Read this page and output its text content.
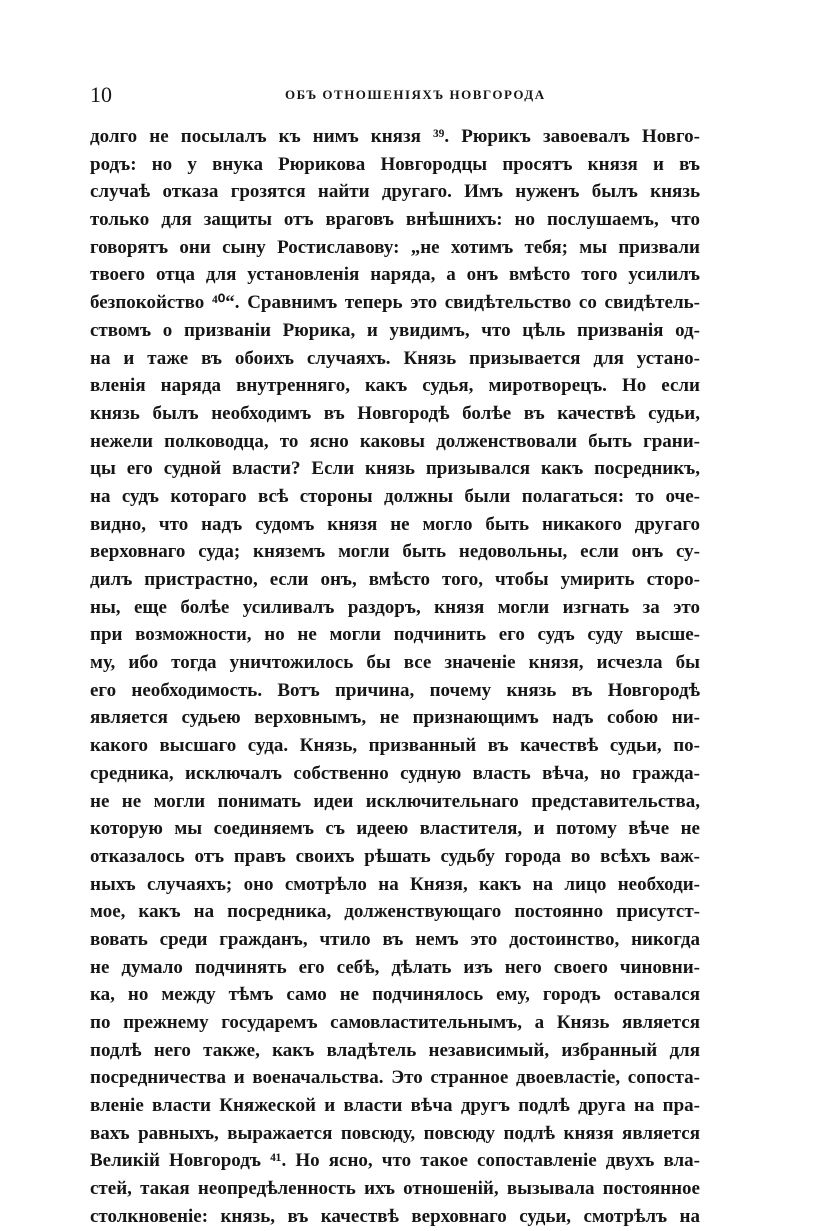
10	ОБЪ ОТНОШЕНІЯХЪ НОВГОРОДА
долго не посылалъ къ нимъ князя ³⁹. Рюрикъ завоевалъ Новго-
родъ: но у внука Рюрикова Новгородцы просятъ князя и въ
случаѣ отказа грозятся найти другаго. Имъ нуженъ былъ князь
только для защиты отъ враговъ внѣшнихъ: но послушаемъ, что
говорятъ они сыну Ростиславову: „не хотимъ тебя; мы призвали
твоего отца для установленія наряда, а онъ вмѣсто того усилилъ
безпокойство ⁴⁰“. Сравнимъ теперь это свидѣтельство со свидѣтель-
ствомъ о призваніи Рюрика, и увидимъ, что цѣль призванія од-
на и таже въ обоихъ случаяхъ. Князь призывается для устано-
вленія наряда внутренняго, какъ судья, миротворецъ. Но если
князь былъ необходимъ въ Новгородѣ болѣе въ качествѣ судьи,
нежели полководца, то ясно каковы долженствовали быть грани-
цы его судной власти? Если князь призывался какъ посредникъ,
на судъ котораго всѣ стороны должны были полагаться: то оче-
видно, что надъ судомъ князя не могло быть никакого другаго
верховнаго суда; княземъ могли быть недовольны, если онъ су-
дилъ пристрастно, если онъ, вмѣсто того, чтобы умирить сторо-
ны, еще болѣе усиливалъ раздоръ, князя могли изгнать за это
при возможности, но не могли подчинить его судъ суду высше-
му, ибо тогда уничтожилось бы все значеніе князя, исчезла бы
его необходимость. Вотъ причина, почему князь въ Новгородѣ
является судьею верховнымъ, не признающимъ надъ собою ни-
какого высшаго суда. Князь, призванный въ качествѣ судьи, по-
средника, исключалъ собственно судную власть вѣча, но гражда-
не не могли понимать идеи исключительнаго представительства,
которую мы соединяемъ съ идеею властителя, и потому вѣче не
отказалось отъ правъ своихъ рѣшать судьбу города во всѣхъ важ-
ныхъ случаяхъ; оно смотрѣло на Князя, какъ на лицо необходи-
мое, какъ на посредника, долженствующаго постоянно присутст-
вовать среди гражданъ, чтило въ немъ это достоинство, никогда
не думало подчинять его себѣ, дѣлать изъ него своего чиновни-
ка, но между тѣмъ само не подчинялось ему, городъ оставался
по прежнему государемъ самовластительнымъ, а Князь является
подлѣ него также, какъ владѣтель независимый, избранный для
посредничества и военачальства. Это странное двоевластіе, сопоста-
вленіе власти Княжеской и власти вѣча другъ подлѣ друга на пра-
вахъ равныхъ, выражается повсюду, повсюду подлѣ князя является
Великій Новгородъ ⁴¹. Но ясно, что такое сопоставленіе двухъ вла-
стей, такая неопредѣленность ихъ отношеній, вызывала постоянное
столкновеніе: князь, въ качествѣ верховнаго судьи, смотрѣлъ на
